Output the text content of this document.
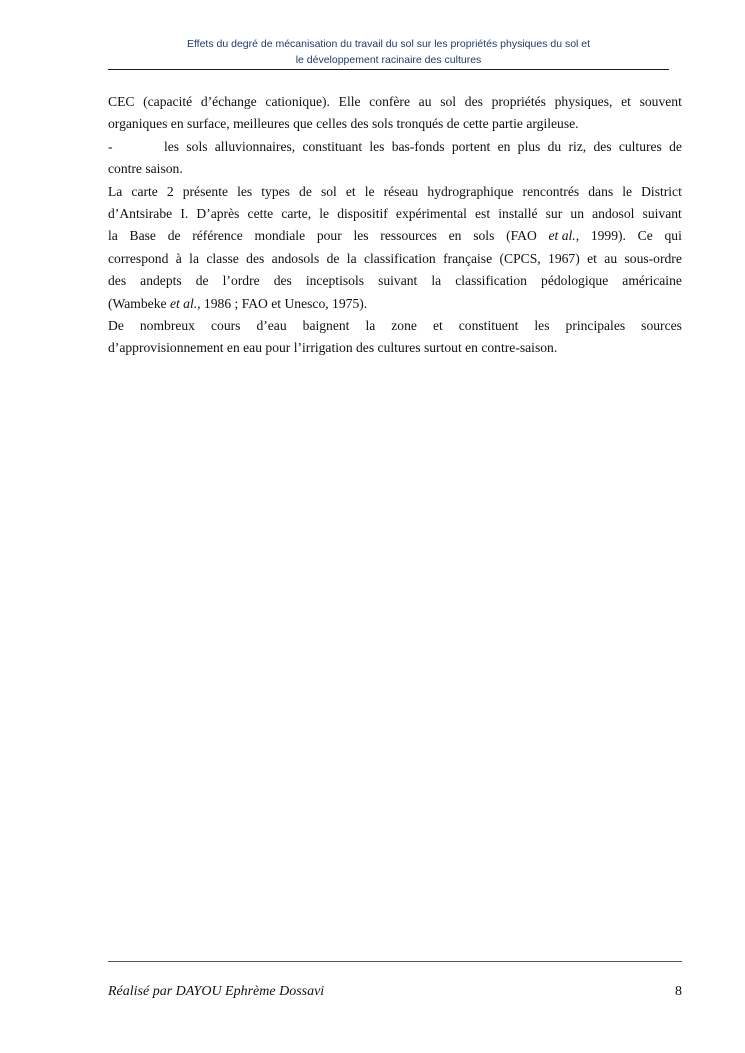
Effets du degré de mécanisation du travail du sol sur les propriétés physiques du sol et
le développement racinaire des cultures
CEC (capacité d’échange cationique). Elle confère au sol des propriétés physiques, et souvent
organiques en surface, meilleures que celles des sols tronqués de cette partie argileuse.
-	les sols alluvionnaires, constituant les bas-fonds portent en plus du riz, des cultures de
contre saison.
La carte 2 présente les types de sol et le réseau hydrographique rencontrés dans le District
d’Antsirabe I. D’après cette carte, le dispositif expérimental est installé sur un andosol suivant
la Base de référence mondiale pour les ressources en sols (FAO et al., 1999). Ce qui
correspond à la classe des andosols de la classification française (CPCS, 1967) et au sous-ordre
des andepts de l’ordre des inceptisols suivant la classification pédologique américaine
(Wambeke et al., 1986 ; FAO et Unesco, 1975).
De nombreux cours d’eau baignent la zone et constituent les principales sources
d’approvisionnement en eau pour l’irrigation des cultures surtout en contre-saison.
Réalisé par DAYOU Ephrème Dossavi	8
